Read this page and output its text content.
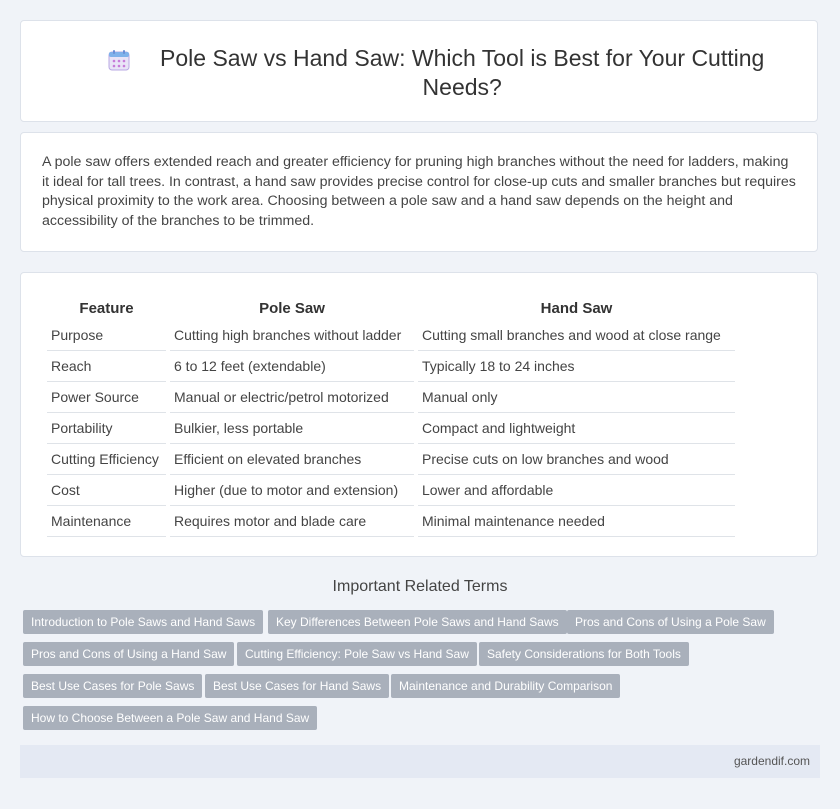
Pole Saw vs Hand Saw: Which Tool is Best for Your Cutting Needs?

A pole saw offers extended reach and greater efficiency for pruning high branches without the need for ladders, making it ideal for tall trees. In contrast, a hand saw provides precise control for close-up cuts and smaller branches but requires physical proximity to the work area. Choosing between a pole saw and a hand saw depends on the height and accessibility of the branches to be trimmed.

Feature	Pole Saw	Hand Saw
Purpose	Cutting high branches without ladder	Cutting small branches and wood at close range
Reach	6 to 12 feet (extendable)	Typically 18 to 24 inches
Power Source	Manual or electric/petrol motorized	Manual only
Portability	Bulkier, less portable	Compact and lightweight
Cutting Efficiency	Efficient on elevated branches	Precise cuts on low branches and wood
Cost	Higher (due to motor and extension)	Lower and affordable
Maintenance	Requires motor and blade care	Minimal maintenance needed
Important Related Terms
Introduction to Pole Saws and Hand Saws	Key Differences Between Pole Saws and Hand Saws	Pros and Cons of Using a Pole Saw
Pros and Cons of Using a Hand Saw	Cutting Efficiency: Pole Saw vs Hand Saw	Safety Considerations for Both Tools
Best Use Cases for Pole Saws	Best Use Cases for Hand Saws	Maintenance and Durability Comparison
How to Choose Between a Pole Saw and Hand Saw
gardendif.com
